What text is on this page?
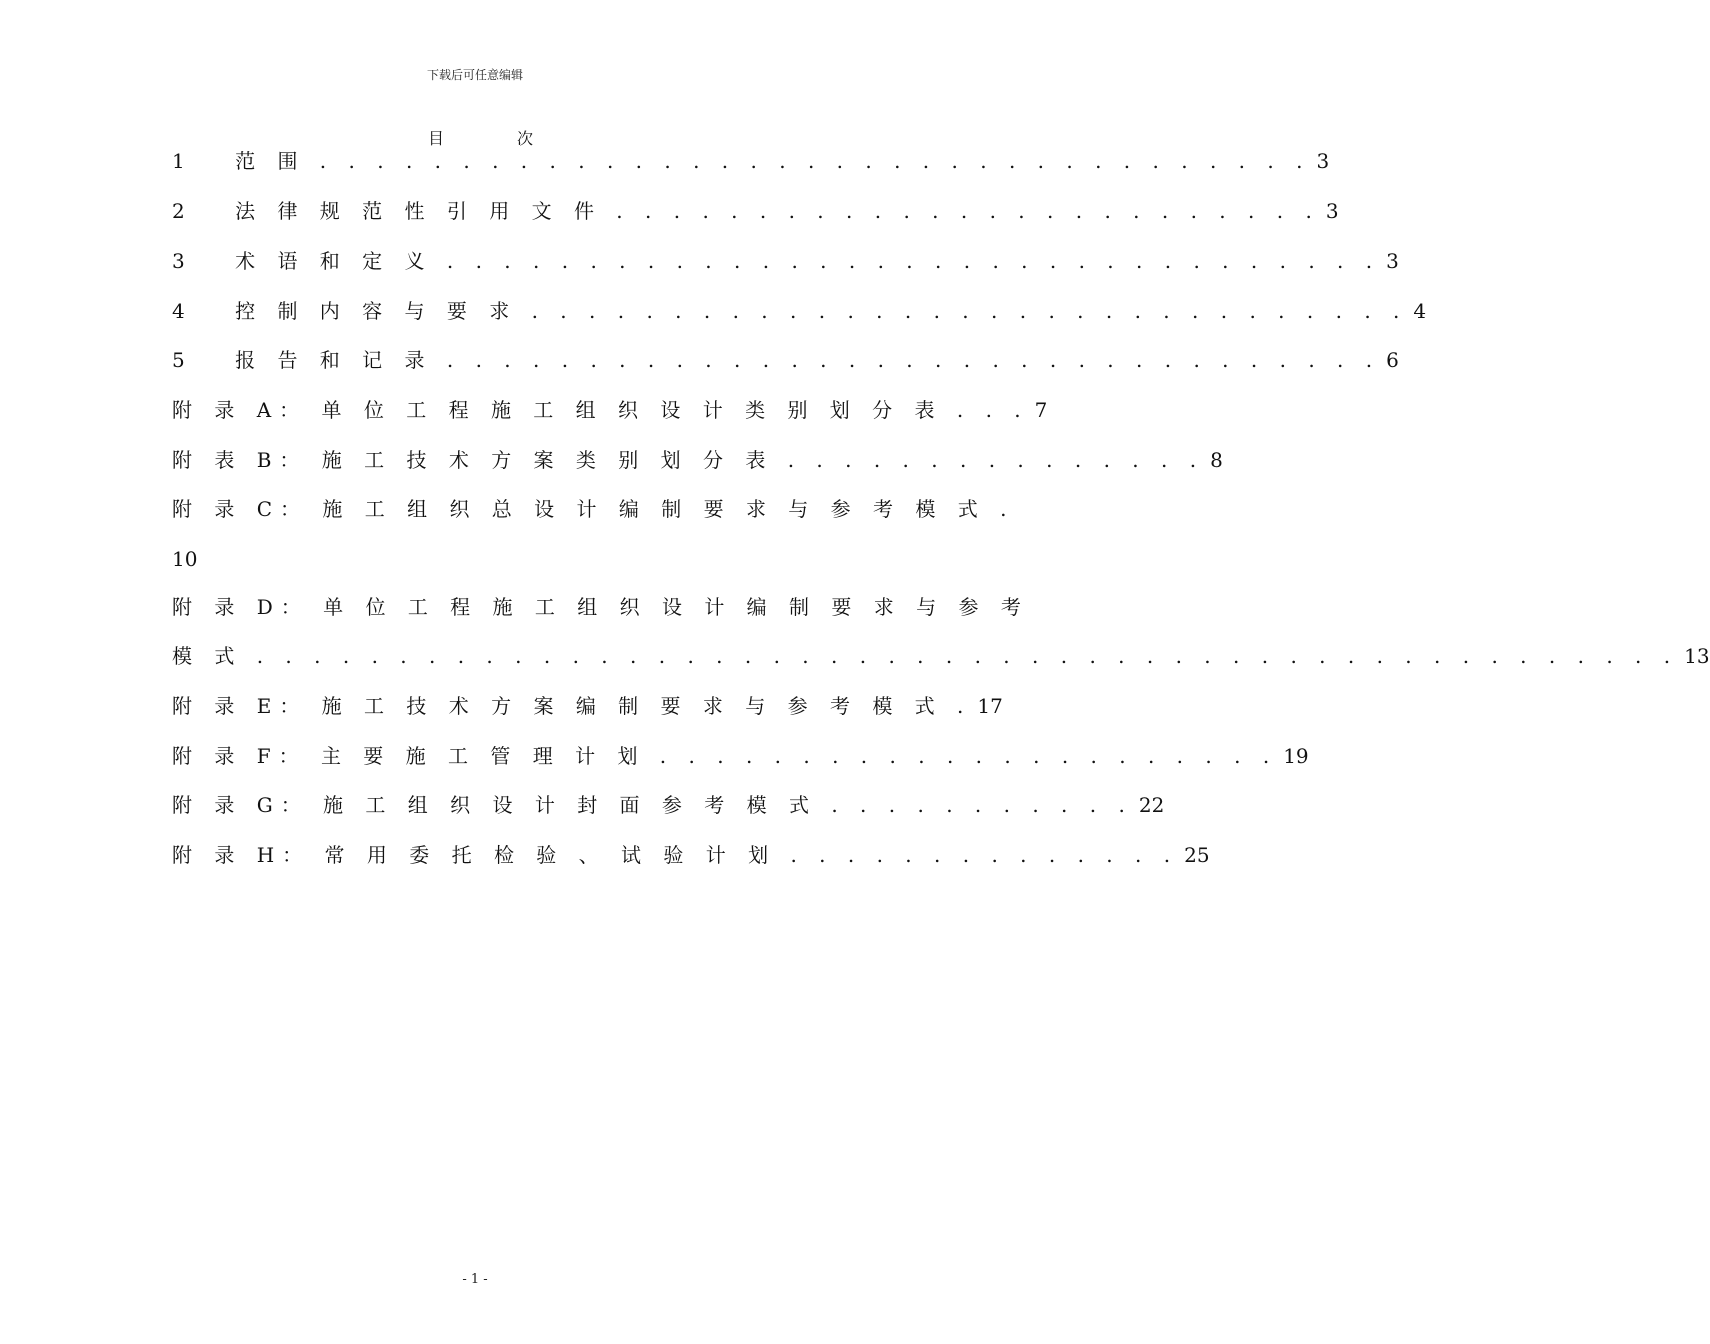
下载后可任意编辑
目 次
1　 范 围 . . . . . . . . . . . . . . . . . . . . . . . . . . . . . . . . . . . 3
2　 法 律 规 范 性 引 用 文 件 . . . . . . . . . . . . . . . . . . . . . . . . . 3
3　 术 语 和 定 义 . . . . . . . . . . . . . . . . . . . . . . . . . . . . . . . . . 3
4　 控 制 内 容 与 要 求 . . . . . . . . . . . . . . . . . . . . . . . . . . . . . . . 4
5　 报 告 和 记 录 . . . . . . . . . . . . . . . . . . . . . . . . . . . . . . . . . 6
附 录 A： 单 位 工 程 施 工 组 织 设 计 类 别 划 分 表 . . . 7
附 表 B： 施 工 技 术 方 案 类 别 划 分 表 . . . . . . . . . . . . . . . 8
附 录 C： 施 工 组 织 总 设 计 编 制 要 求 与 参 考 模 式 .
10
附 录 D： 单 位 工 程 施 工 组 织 设 计 编 制 要 求 与 参 考
模 式 . . . . . . . . . . . . . . . . . . . . . . . . . . . . . . . . . . . . . . . . . . . . . . . . . . 13
附 录 E： 施 工 技 术 方 案 编 制 要 求 与 参 考 模 式 . 17
附 录 F： 主 要 施 工 管 理 计 划 . . . . . . . . . . . . . . . . . . . . . . 19
附 录 G： 施 工 组 织 设 计 封 面 参 考 模 式 . . . . . . . . . . . 22
附 录 H： 常 用 委 托 检 验 、 试 验 计 划 . . . . . . . . . . . . . . 25
- 1 -
